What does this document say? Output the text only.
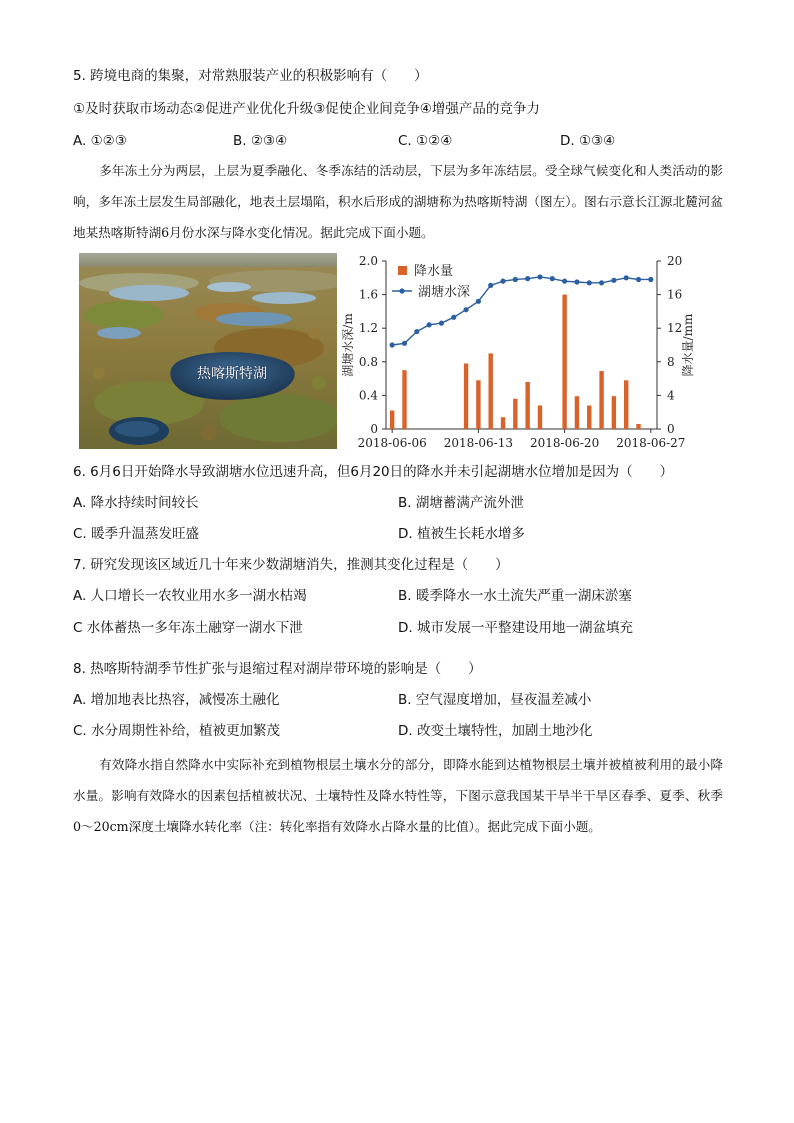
5. 跨境电商的集聚，对常熟服装产业的积极影响有（　　）
①及时获取市场动态②促进产业优化升级③促使企业间竞争④增强产品的竞争力
A. ①②③	B. ②③④	C. ①②④	D. ①③④
多年冻土分为两层，上层为夏季融化、冬季冻结的活动层，下层为多年冻结层。受全球气候变化和人类活动的影响，多年冻土层发生局部融化，地表土层塌陷，积水后形成的湖塘称为热喀斯特湖（图左）。图右示意长江源北麓河盆地某热喀斯特湖6月份水深与降水变化情况。据此完成下面小题。
热喀斯特湖
0
0.4
0.8
1.2
1.6
2.0
0
4
8
12
16
20
2018-06-06 2018-06-13 2018-06-20 2018-06-27
湖塘水深/m	降水量/mm
降水量
湖塘水深
6. 6月6日开始降水导致湖塘水位迅速升高，但6月20日的降水并未引起湖塘水位增加是因为（　　）
A. 降水持续时间较长	B. 湖塘蓄满产流外泄
C. 暖季升温蒸发旺盛	D. 植被生长耗水增多
7. 研究发现该区域近几十年来少数湖塘消失，推测其变化过程是（　　）
A. 人口增长一农牧业用水多一湖水枯竭	B. 暖季降水一水土流失严重一湖床淤塞
C 水体蓄热一多年冻土融穿一湖水下泄	D. 城市发展一平整建设用地一湖盆填充
8. 热喀斯特湖季节性扩张与退缩过程对湖岸带环境的影响是（　　）
A. 增加地表比热容，减慢冻土融化	B. 空气湿度增加，昼夜温差减小
C. 水分周期性补给，植被更加繁茂	D. 改变土壤特性，加剧土地沙化
有效降水指自然降水中实际补充到植物根层土壤水分的部分，即降水能到达植物根层土壤并被植被利用的最小降水量。影响有效降水的因素包括植被状况、土壤特性及降水特性等，下图示意我国某干旱半干旱区春季、夏季、秋季0～20cm深度土壤降水转化率（注：转化率指有效降水占降水量的比值）。据此完成下面小题。
